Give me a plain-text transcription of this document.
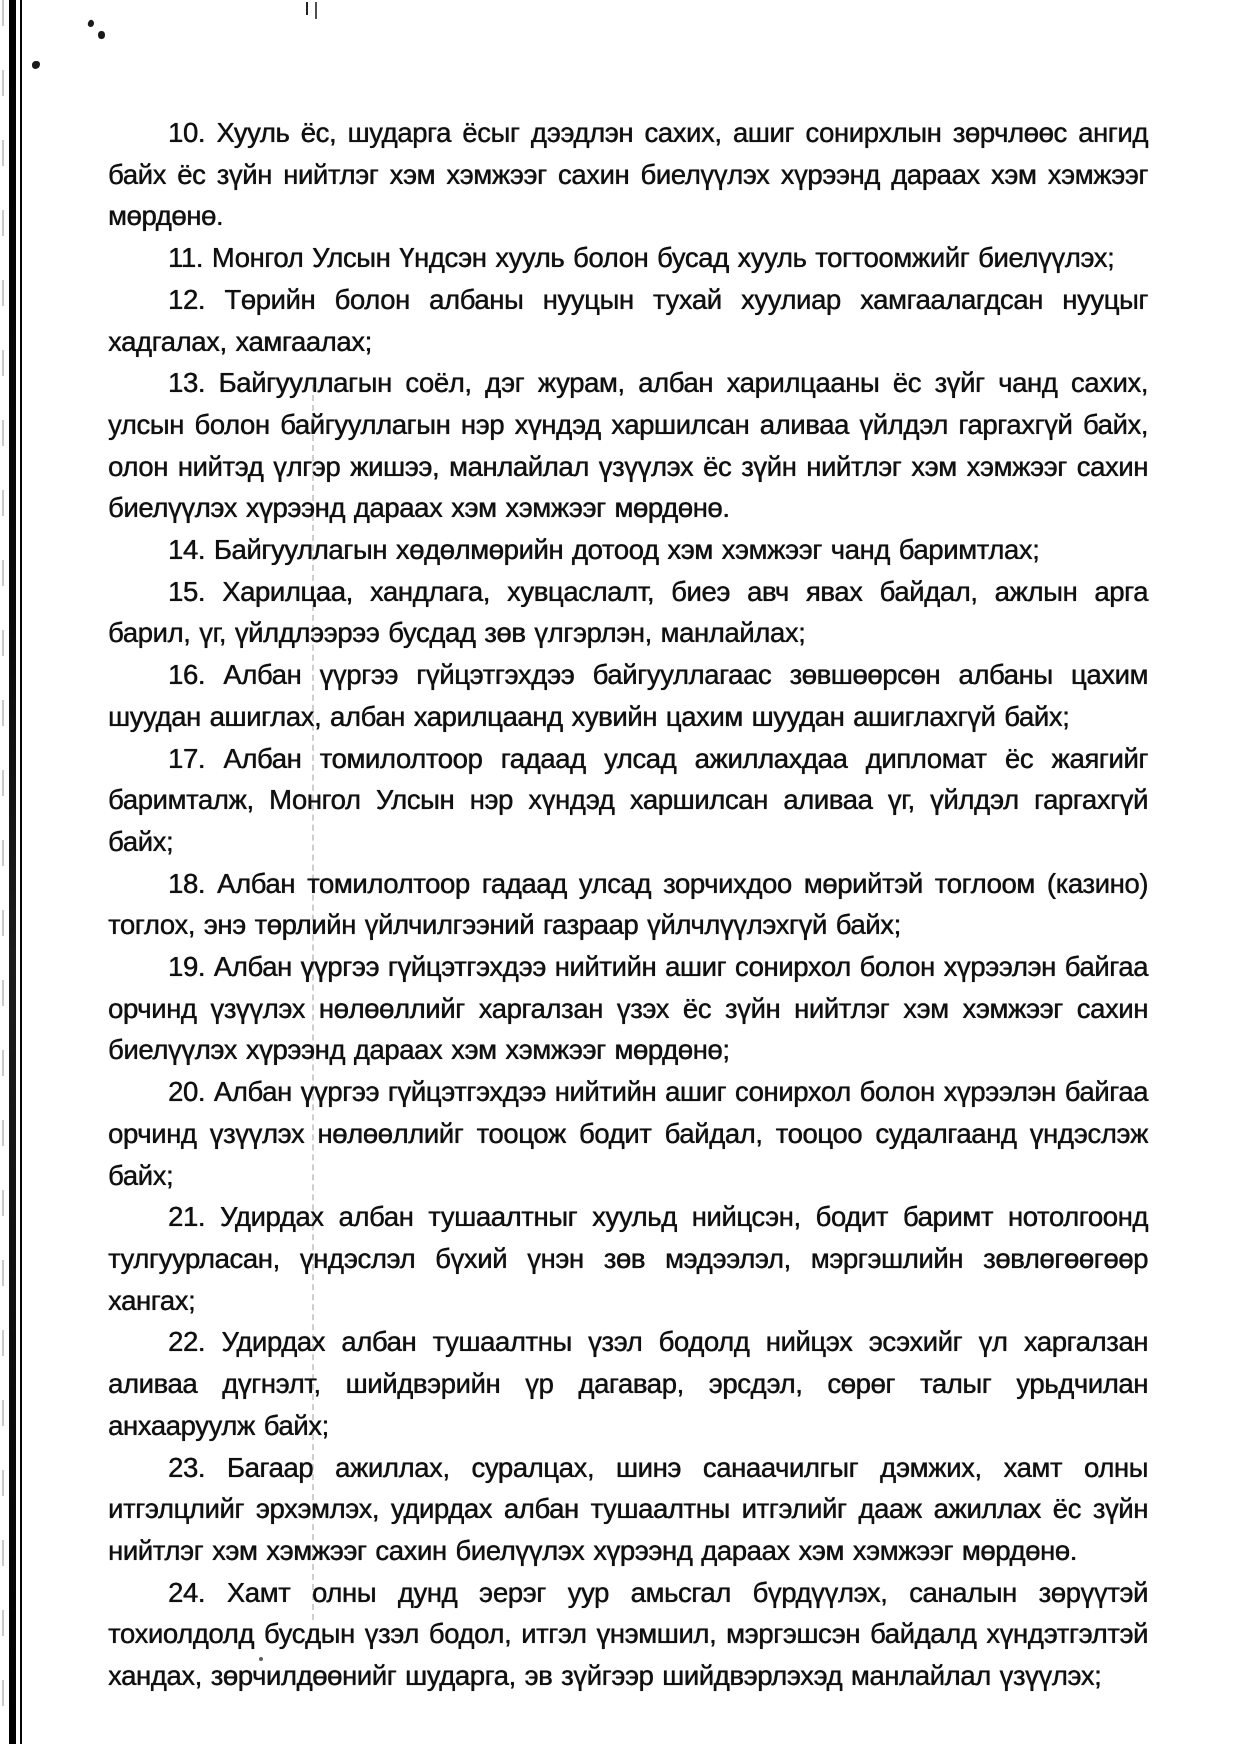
10. Хууль ёс, шударга ёсыг дээдлэн сахих, ашиг сонирхлын зөрчлөөс ангид байх ёс зүйн нийтлэг хэм хэмжээг сахин биелүүлэх хүрээнд дараах хэм хэмжээг мөрдөнө.

11. Монгол Улсын Үндсэн хууль болон бусад хууль тогтоомжийг биелүүлэх;

12. Төрийн болон албаны нууцын тухай хуулиар хамгаалагдсан нууцыг хадгалах, хамгаалах;

13. Байгууллагын соёл, дэг журам, албан харилцааны ёс зүйг чанд сахих, улсын болон байгууллагын нэр хүндэд харшилсан аливаа үйлдэл гаргахгүй байх, олон нийтэд үлгэр жишээ, манлайлал үзүүлэх ёс зүйн нийтлэг хэм хэмжээг сахин биелүүлэх хүрээнд дараах хэм хэмжээг мөрдөнө.

14. Байгууллагын хөдөлмөрийн дотоод хэм хэмжээг чанд баримтлах;

15. Харилцаа, хандлага, хувцаслалт, биеэ авч явах байдал, ажлын арга барил, үг, үйлдлээрээ бусдад зөв үлгэрлэн, манлайлах;

16. Албан үүргээ гүйцэтгэхдээ байгууллагаас зөвшөөрсөн албаны цахим шуудан ашиглах, албан харилцаанд хувийн цахим шуудан ашиглахгүй байх;

17. Албан томилолтоор гадаад улсад ажиллахдаа дипломат ёс жаягийг баримталж, Монгол Улсын нэр хүндэд харшилсан аливаа үг, үйлдэл гаргахгүй байх;

18. Албан томилолтоор гадаад улсад зорчихдоо мөрийтэй тоглоом (казино) тоглох, энэ төрлийн үйлчилгээний газраар үйлчлүүлэхгүй байх;

19. Албан үүргээ гүйцэтгэхдээ нийтийн ашиг сонирхол болон хүрээлэн байгаа орчинд үзүүлэх нөлөөллийг харгалзан үзэх ёс зүйн нийтлэг хэм хэмжээг сахин биелүүлэх хүрээнд дараах хэм хэмжээг мөрдөнө;

20. Албан үүргээ гүйцэтгэхдээ нийтийн ашиг сонирхол болон хүрээлэн байгаа орчинд үзүүлэх нөлөөллийг тооцож бодит байдал, тооцоо судалгаанд үндэслэж байх;

21. Удирдах албан тушаалтныг хуульд нийцсэн, бодит баримт нотолгоонд тулгуурласан, үндэслэл бүхий үнэн зөв мэдээлэл, мэргэшлийн зөвлөгөөгөөр хангах;

22. Удирдах албан тушаалтны үзэл бодолд нийцэх эсэхийг үл харгалзан аливаа дүгнэлт, шийдвэрийн үр дагавар, эрсдэл, сөрөг талыг урьдчилан анхааруулж байх;

23. Багаар ажиллах, суралцах, шинэ санаачилгыг дэмжих, хамт олны итгэлцлийг эрхэмлэх, удирдах албан тушаалтны итгэлийг дааж ажиллах ёс зүйн нийтлэг хэм хэмжээг сахин биелүүлэх хүрээнд дараах хэм хэмжээг мөрдөнө.

24. Хамт олны дунд эерэг уур амьсгал бүрдүүлэх, саналын зөрүүтэй тохиолдолд бусдын үзэл бодол, итгэл үнэмшил, мэргэшсэн байдалд хүндэтгэлтэй хандах, зөрчилдөөнийг шударга, эв зүйгээр шийдвэрлэхэд манлайлал үзүүлэх;
